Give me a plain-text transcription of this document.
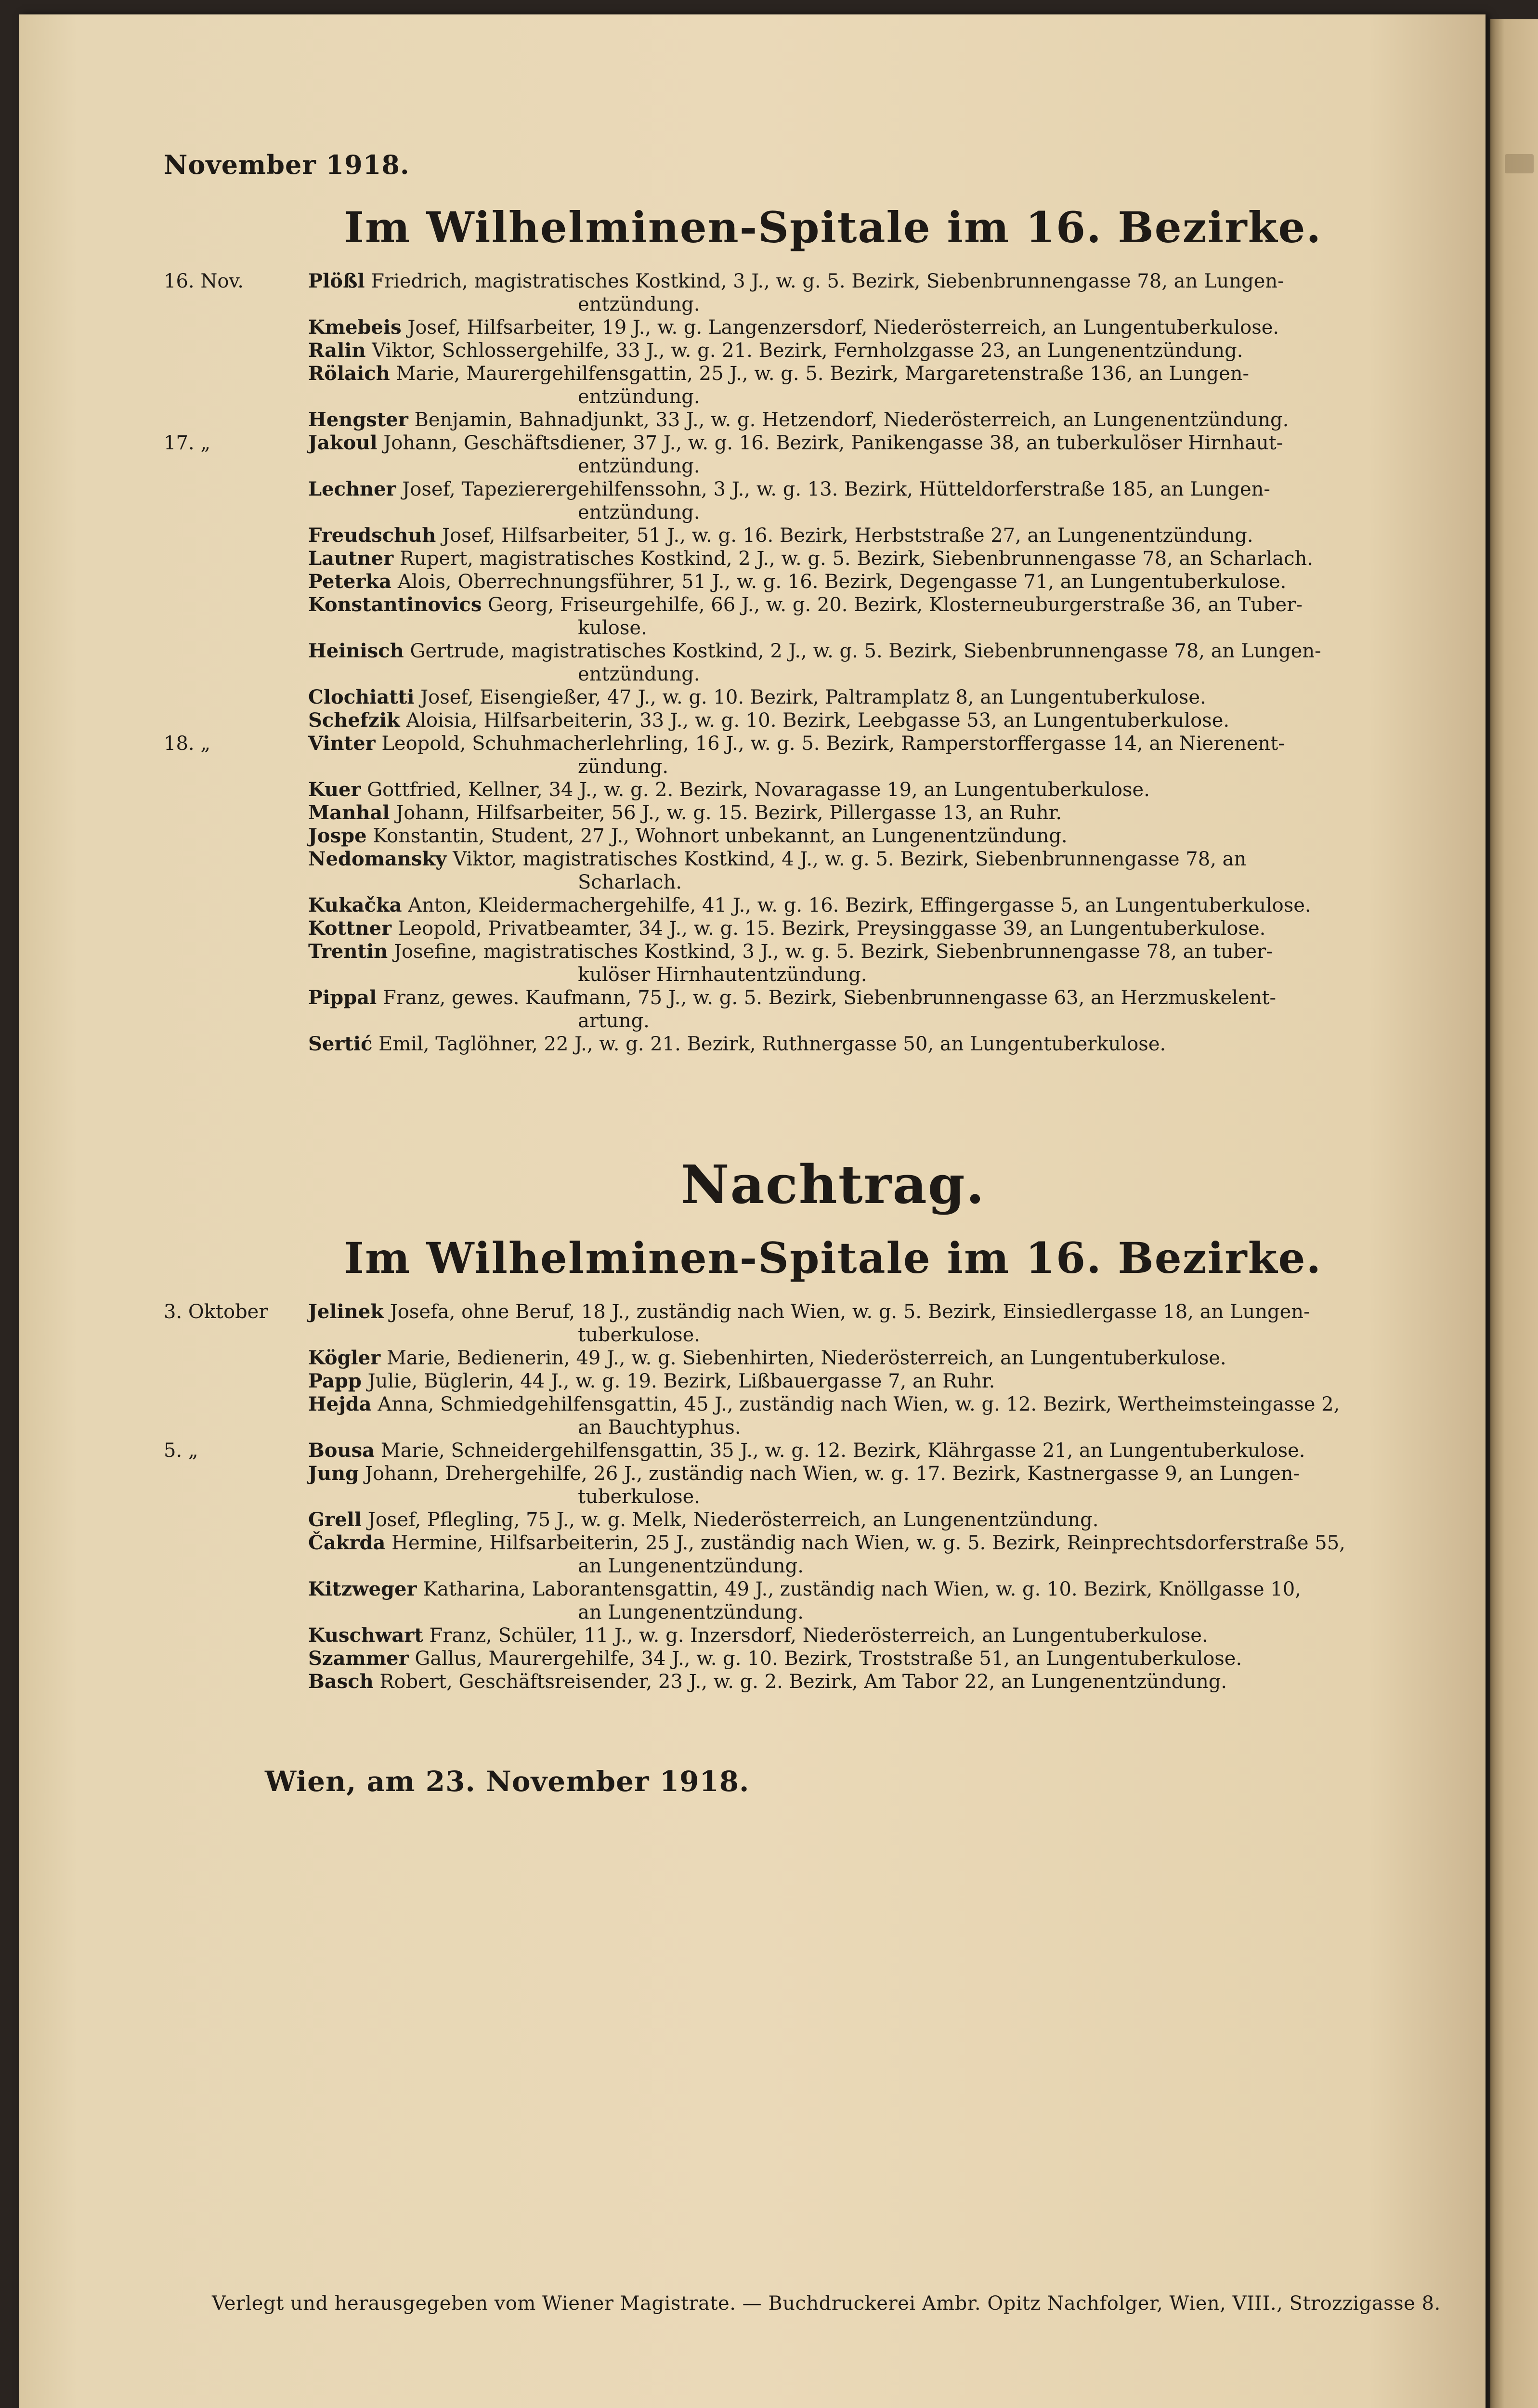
November 1918.
Im Wilhelminen-Spitale im 16. Bezirke.

16. Nov.	Plößl Friedrich, magistratisches Kostkind, 3 J., w. g. 5. Bezirk, Siebenbrunnengasse 78, an Lungen-
entzündung.

Kmebeis Josef, Hilfsarbeiter, 19 J., w. g. Langenzersdorf, Niederösterreich, an Lungentuberkulose.

Ralin Viktor, Schlossergehilfe, 33 J., w. g. 21. Bezirk, Fernholzgasse 23, an Lungenentzündung.

Rölaich Marie, Maurergehilfensgattin, 25 J., w. g. 5. Bezirk, Margaretenstraße 136, an Lungen-
entzündung.

Hengster Benjamin, Bahnadjunkt, 33 J., w. g. Hetzendorf, Niederösterreich, an Lungenentzündung.

17. „	Jakoul Johann, Geschäftsdiener, 37 J., w. g. 16. Bezirk, Panikengasse 38, an tuberkulöser Hirnhaut-
entzündung.

Lechner Josef, Tapezierergehilfenssohn, 3 J., w. g. 13. Bezirk, Hütteldorferstraße 185, an Lungen-
entzündung.

Freudschuh Josef, Hilfsarbeiter, 51 J., w. g. 16. Bezirk, Herbststraße 27, an Lungenentzündung.

Lautner Rupert, magistratisches Kostkind, 2 J., w. g. 5. Bezirk, Siebenbrunnengasse 78, an Scharlach.

Peterka Alois, Oberrechnungsführer, 51 J., w. g. 16. Bezirk, Degengasse 71, an Lungentuberkulose.

Konstantinovics Georg, Friseurgehilfe, 66 J., w. g. 20. Bezirk, Klosterneuburgerstraße 36, an Tuber-
kulose.

Heinisch Gertrude, magistratisches Kostkind, 2 J., w. g. 5. Bezirk, Siebenbrunnengasse 78, an Lungen-
entzündung.

Clochiatti Josef, Eisengießer, 47 J., w. g. 10. Bezirk, Paltramplatz 8, an Lungentuberkulose.

Schefzik Aloisia, Hilfsarbeiterin, 33 J., w. g. 10. Bezirk, Leebgasse 53, an Lungentuberkulose.

18. „	Vinter Leopold, Schuhmacherlehrling, 16 J., w. g. 5. Bezirk, Ramperstorffergasse 14, an Nierenent-
zündung.

Kuer Gottfried, Kellner, 34 J., w. g. 2. Bezirk, Novaragasse 19, an Lungentuberkulose.

Manhal Johann, Hilfsarbeiter, 56 J., w. g. 15. Bezirk, Pillergasse 13, an Ruhr.

Jospe Konstantin, Student, 27 J., Wohnort unbekannt, an Lungenentzündung.

Nedomansky Viktor, magistratisches Kostkind, 4 J., w. g. 5. Bezirk, Siebenbrunnengasse 78, an
Scharlach.

Kukačka Anton, Kleidermachergehilfe, 41 J., w. g. 16. Bezirk, Effingergasse 5, an Lungentuberkulose.

Kottner Leopold, Privatbeamter, 34 J., w. g. 15. Bezirk, Preysinggasse 39, an Lungentuberkulose.

Trentin Josefine, magistratisches Kostkind, 3 J., w. g. 5. Bezirk, Siebenbrunnengasse 78, an tuber-
kulöser Hirnhautentzündung.

Pippal Franz, gewes. Kaufmann, 75 J., w. g. 5. Bezirk, Siebenbrunnengasse 63, an Herzmuskelent-
artung.

Sertić Emil, Taglöhner, 22 J., w. g. 21. Bezirk, Ruthnergasse 50, an Lungentuberkulose.

Nachtrag.
Im Wilhelminen-Spitale im 16. Bezirke.

3. Oktober	Jelinek Josefa, ohne Beruf, 18 J., zuständig nach Wien, w. g. 5. Bezirk, Einsiedlergasse 18, an Lungen-
tuberkulose.

Kögler Marie, Bedienerin, 49 J., w. g. Siebenhirten, Niederösterreich, an Lungentuberkulose.

Papp Julie, Büglerin, 44 J., w. g. 19. Bezirk, Lißbauergasse 7, an Ruhr.

Hejda Anna, Schmiedgehilfensgattin, 45 J., zuständig nach Wien, w. g. 12. Bezirk, Wertheimsteingasse 2,
an Bauchtyphus.

5. „	Bousa Marie, Schneidergehilfensgattin, 35 J., w. g. 12. Bezirk, Klährgasse 21, an Lungentuberkulose.

Jung Johann, Drehergehilfe, 26 J., zuständig nach Wien, w. g. 17. Bezirk, Kastnergasse 9, an Lungen-
tuberkulose.

Grell Josef, Pflegling, 75 J., w. g. Melk, Niederösterreich, an Lungenentzündung.

Čakrda Hermine, Hilfsarbeiterin, 25 J., zuständig nach Wien, w. g. 5. Bezirk, Reinprechtsdorferstraße 55,
an Lungenentzündung.

Kitzweger Katharina, Laborantensgattin, 49 J., zuständig nach Wien, w. g. 10. Bezirk, Knöllgasse 10,
an Lungenentzündung.

Kuschwart Franz, Schüler, 11 J., w. g. Inzersdorf, Niederösterreich, an Lungentuberkulose.

Szammer Gallus, Maurergehilfe, 34 J., w. g. 10. Bezirk, Troststraße 51, an Lungentuberkulose.

Basch Robert, Geschäftsreisender, 23 J., w. g. 2. Bezirk, Am Tabor 22, an Lungenentzündung.

Wien, am 23. November 1918.
Verlegt und herausgegeben vom Wiener Magistrate. — Buchdruckerei Ambr. Opitz Nachfolger, Wien, VIII., Strozzigasse 8.
